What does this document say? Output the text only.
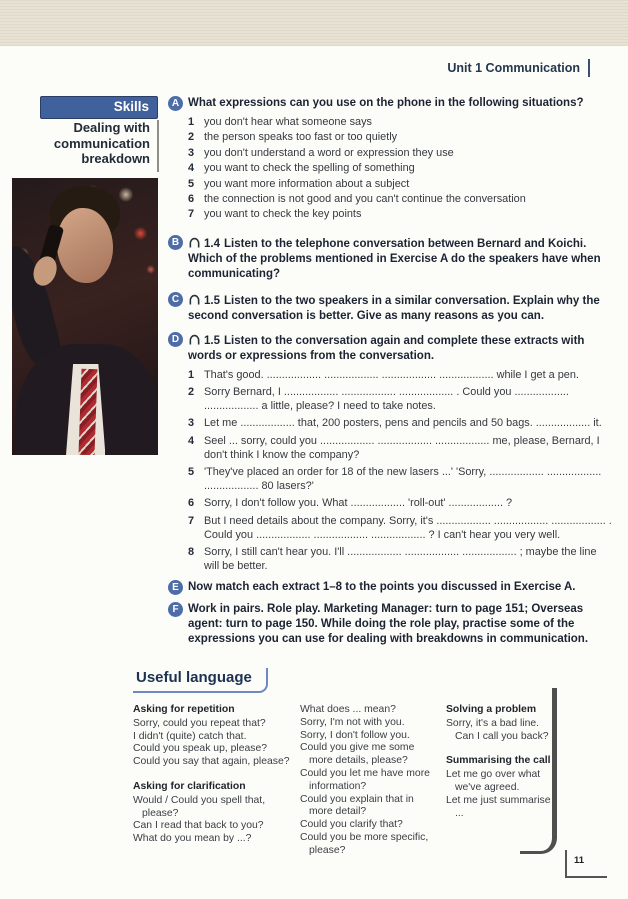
Unit 1 Communication
Skills
Dealing with communication breakdown
A What expressions can you use on the phone in the following situations?
1 you don't hear what someone says
2 the person speaks too fast or too quietly
3 you don't understand a word or expression they use
4 you want to check the spelling of something
5 you want more information about a subject
6 the connection is not good and you can't continue the conversation
7 you want to check the key points
B	1.4 Listen to the telephone conversation between Bernard and Koichi. Which of the problems mentioned in Exercise A do the speakers have when communicating?
C	1.5 Listen to the two speakers in a similar conversation. Explain why the second conversation is better. Give as many reasons as you can.
D	1.5 Listen to the conversation again and complete these extracts with words or expressions from the conversation.
1 That's good. .................. .................. .................. .................. while I get a pen.
2 Sorry Bernard, I .................. .................. .................. . Could you .................. .................. a little, please? I need to take notes.
3 Let me .................. that, 200 posters, pens and pencils and 50 bags. .................. it.
4 Seel ... sorry, could you .................. .................. .................. me, please, Bernard, I don't think I know the company?
5 'They've placed an order for 18 of the new lasers ...' 'Sorry, .................. .................. .................. 80 lasers?'
6 Sorry, I don't follow you. What .................. 'roll-out' .................. ?
7 But I need details about the company. Sorry, it's .................. .................. .................. . Could you .................. .................. .................. ? I can't hear you very well.
8 Sorry, I still can't hear you. I'll .................. .................. .................. ; maybe the line will be better.
E Now match each extract 1–8 to the points you discussed in Exercise A.
F Work in pairs. Role play. Marketing Manager: turn to page 151; Overseas agent: turn to page 150. While doing the role play, practise some of the expressions you can use for dealing with breakdowns in communication.
Useful language
Asking for repetition
Sorry, could you repeat that?
I didn't (quite) catch that.
Could you speak up, please?
Could you say that again, please?
Asking for clarification
Would / Could you spell that, please?
Can I read that back to you?
What do you mean by ...?
What does ... mean?
Sorry, I'm not with you.
Sorry, I don't follow you.
Could you give me some more details, please?
Could you let me have more information?
Could you explain that in more detail?
Could you clarify that?
Could you be more specific, please?
Solving a problem
Sorry, it's a bad line. Can I call you back?
Summarising the call
Let me go over what we've agreed.
Let me just summarise ...
11
